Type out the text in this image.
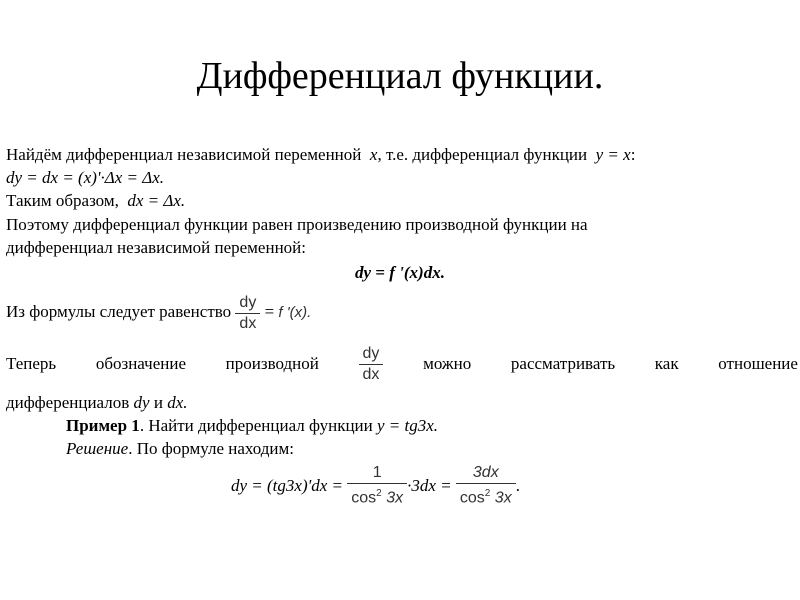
Дифференциал функции.
Найдём дифференциал независимой переменной x, т.е. дифференциал функции y = x:
dy = dx = (x)'·Δx = Δx.
Таким образом, dx = Δx.
Поэтому дифференциал функции равен произведению производной функции на
дифференциал независимой переменной:
dy = f '(x)dx.
Из формулы следует равенство $\frac{dy}{dx} = f$ '(x).
Теперь обозначение производной $\frac{dy}{dx}$ можно рассматривать как отношение
дифференциалов dy и dx.
Пример 1. Найти дифференциал функции y = tg3x.
Решение. По формуле находим:
dy = (tg3x)'dx =
$\frac{1}{\cos^2 3x} \cdot 3dx$ =
$\frac{3dx}{\cos^2 3x}$ .
